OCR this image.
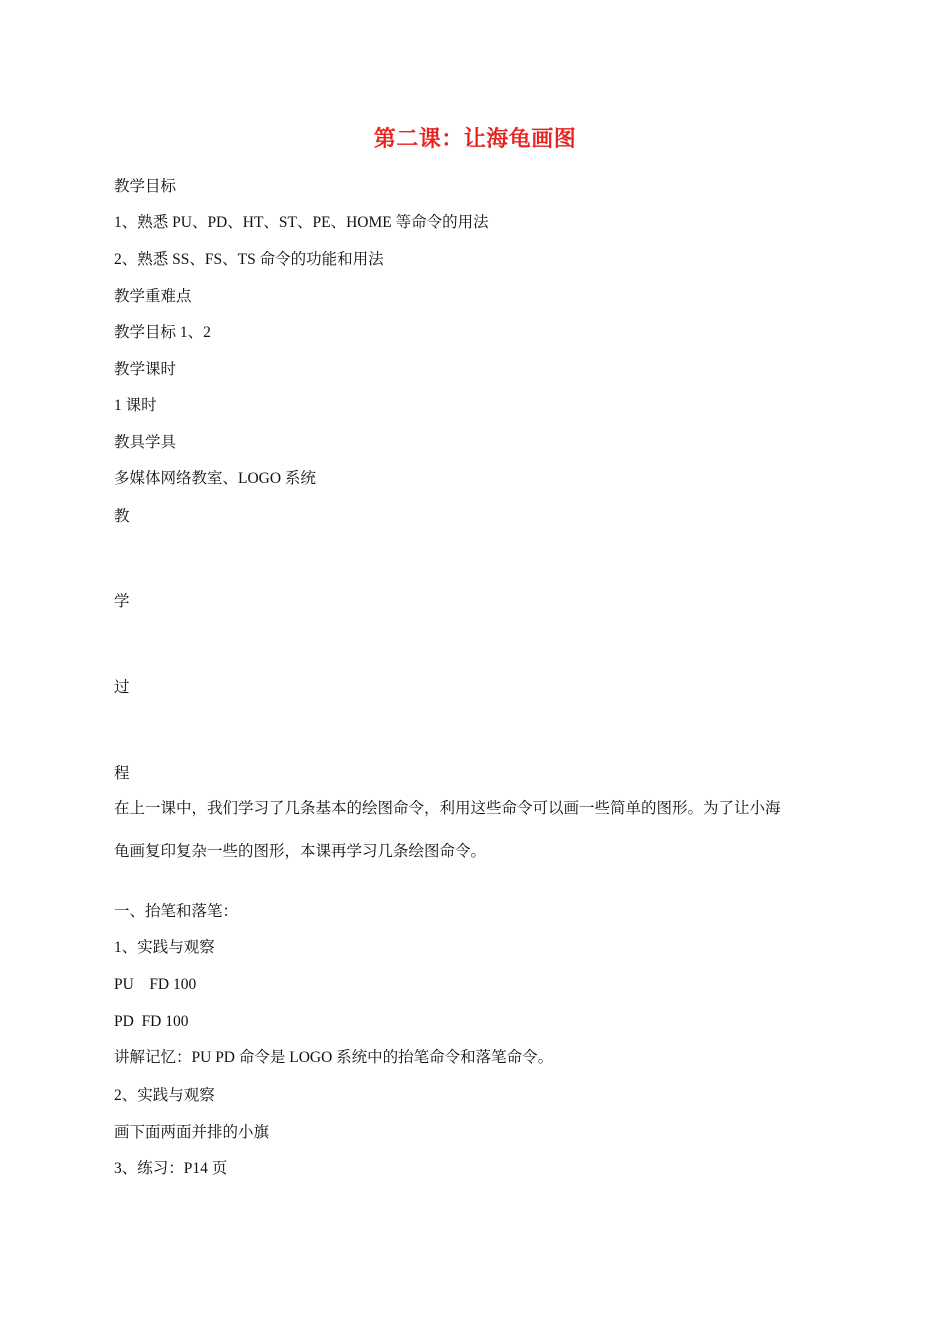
第二课：让海龟画图
教学目标
1、熟悉 PU、PD、HT、ST、PE、HOME 等命令的用法
2、熟悉 SS、FS、TS 命令的功能和用法
教学重难点
教学目标 1、2
教学课时
1 课时
教具学具
多媒体网络教室、LOGO 系统
教
学
过
程
在上一课中，我们学习了几条基本的绘图命令，利用这些命令可以画一些简单的图形。为了让小海
龟画复印复杂一些的图形，本课再学习几条绘图命令。
一、抬笔和落笔：
1、实践与观察
PU    FD 100
PD  FD 100
讲解记忆：PU PD 命令是 LOGO 系统中的抬笔命令和落笔命令。
2、实践与观察
画下面两面并排的小旗
3、练习：P14 页
